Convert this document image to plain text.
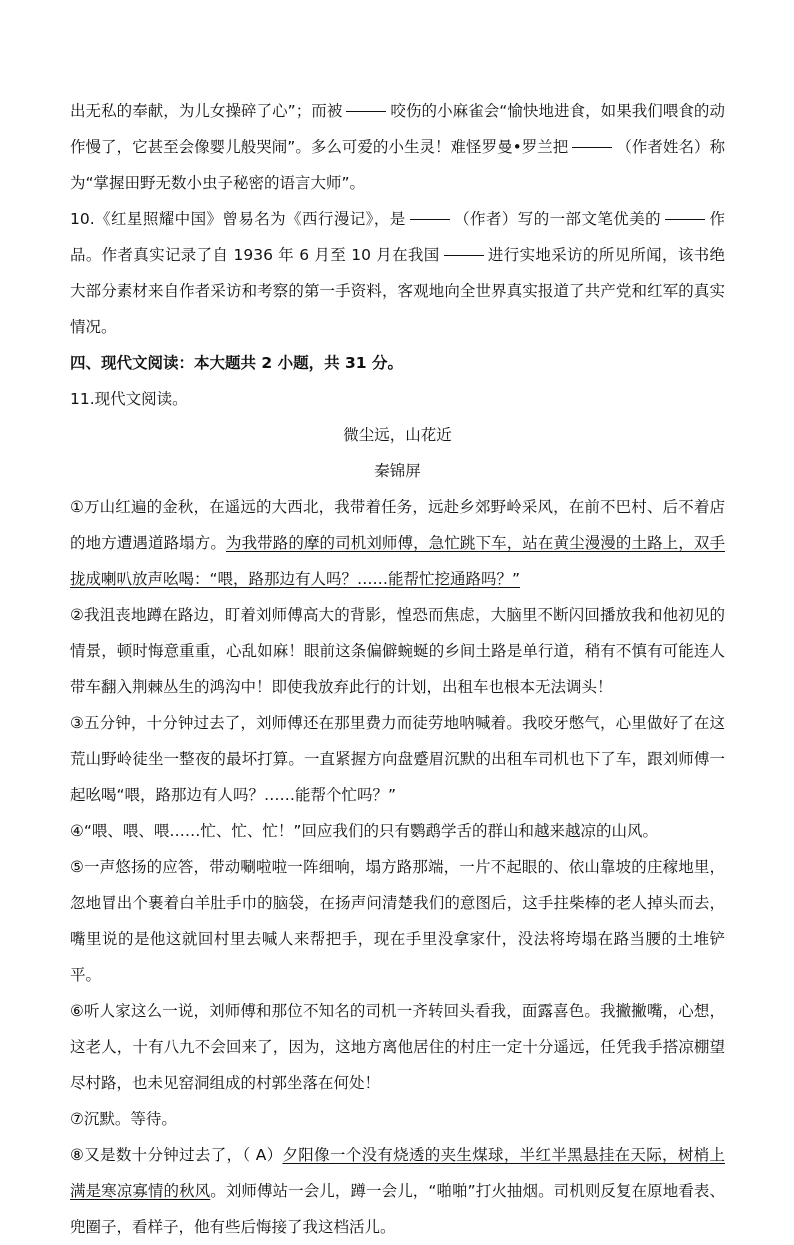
出无私的奉献，为儿女操碎了心”；而被	咬伤的小麻雀会“愉快地进食，如果我们喂食的动作慢了，它甚至会像婴儿般哭闹”。多么可爱的小生灵！难怪罗曼•罗兰把	（作者姓名）称为“掌握田野无数小虫子秘密的语言大师”。

10.《红星照耀中国》曾易名为《西行漫记》，是	（作者）写的一部文笔优美的	作品。作者真实记录了自 1936 年 6 月至 10 月在我国	进行实地采访的所见所闻，该书绝大部分素材来自作者采访和考察的第一手资料，客观地向全世界真实报道了共产党和红军的真实情况。

四、现代文阅读：本大题共 2 小题，共 31 分。

11.现代文阅读。

微尘远，山花近

秦锦屏

①万山红遍的金秋，在遥远的大西北，我带着任务，远赴乡郊野岭采风，在前不巴村、后不着店的地方遭遇道路塌方。为我带路的摩的司机刘师傅，急忙跳下车，站在黄尘漫漫的土路上，双手拢成喇叭放声吆喝：“喂，路那边有人吗？……能帮忙挖通路吗？”

②我沮丧地蹲在路边，盯着刘师傅高大的背影，惶恐而焦虑，大脑里不断闪回播放我和他初见的情景，顿时悔意重重，心乱如麻！眼前这条偏僻蜿蜒的乡间土路是单行道，稍有不慎有可能连人带车翻入荆棘丛生的鸿沟中！即使我放弃此行的计划，出租车也根本无法调头！

③五分钟，十分钟过去了，刘师傅还在那里费力而徒劳地呐喊着。我咬牙憋气，心里做好了在这荒山野岭徒坐一整夜的最坏打算。一直紧握方向盘蹙眉沉默的出租车司机也下了车，跟刘师傅一起吆喝“喂，路那边有人吗？……能帮个忙吗？”

④“喂、喂、喂……忙、忙、忙！”回应我们的只有鹦鹉学舌的群山和越来越凉的山风。

⑤一声悠扬的应答，带动唰啦啦一阵细响，塌方路那端，一片不起眼的、依山靠坡的庄稼地里，忽地冒出个裹着白羊肚手巾的脑袋，在扬声问清楚我们的意图后，这手拄柴棒的老人掉头而去，嘴里说的是他这就回村里去喊人来帮把手，现在手里没拿家什，没法将垮塌在路当腰的土堆铲平。

⑥听人家这么一说，刘师傅和那位不知名的司机一齐转回头看我，面露喜色。我撇撇嘴，心想，这老人，十有八九不会回来了，因为，这地方离他居住的村庄一定十分遥远，任凭我手搭凉棚望尽村路，也未见窑洞组成的村郭坐落在何处！

⑦沉默。等待。

⑧又是数十分钟过去了，（ A）夕阳像一个没有烧透的夹生煤球，半红半黑悬挂在天际，树梢上满是寒凉寡情的秋风。刘师傅站一会儿，蹲一会儿，“啪啪”打火抽烟。司机则反复在原地看表、兜圈子，看样子，他有些后悔接了我这档活儿。
